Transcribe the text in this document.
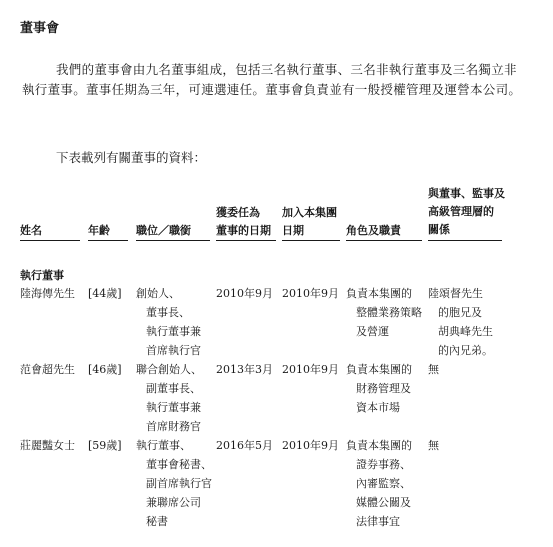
董事會
我們的董事會由九名董事組成，包括三名執行董事、三名非執行董事及三名獨立非執行董事。董事任期為三年，可連選連任。董事會負責並有一般授權管理及運營本公司。
下表載列有關董事的資料：
姓名	年齡 職位／職銜
獲委任為
董事的日期
加入本集團
日期	角色及職責
與董事、監事及
高級管理層的
關係
執行董事
陸海傳先生 [44歲] 創始人、
董事長、
執行董事兼
首席執行官
2010年9月 2010年9月 負責本集團的
整體業務策略
及營運
陸頌督先生
的胞兄及
胡典峰先生
的內兄弟。
范會超先生 [46歲] 聯合創始人、
副董事長、
執行董事兼
首席財務官
2013年3月 2010年9月 負責本集團的
財務管理及
資本市場
無
莊麗豔女士 [59歲] 執行董事、
董事會秘書、
副首席執行官
兼聯席公司
秘書
2016年5月 2010年9月 負責本集團的
證券事務、
內審監察、
媒體公關及
法律事宜
無
